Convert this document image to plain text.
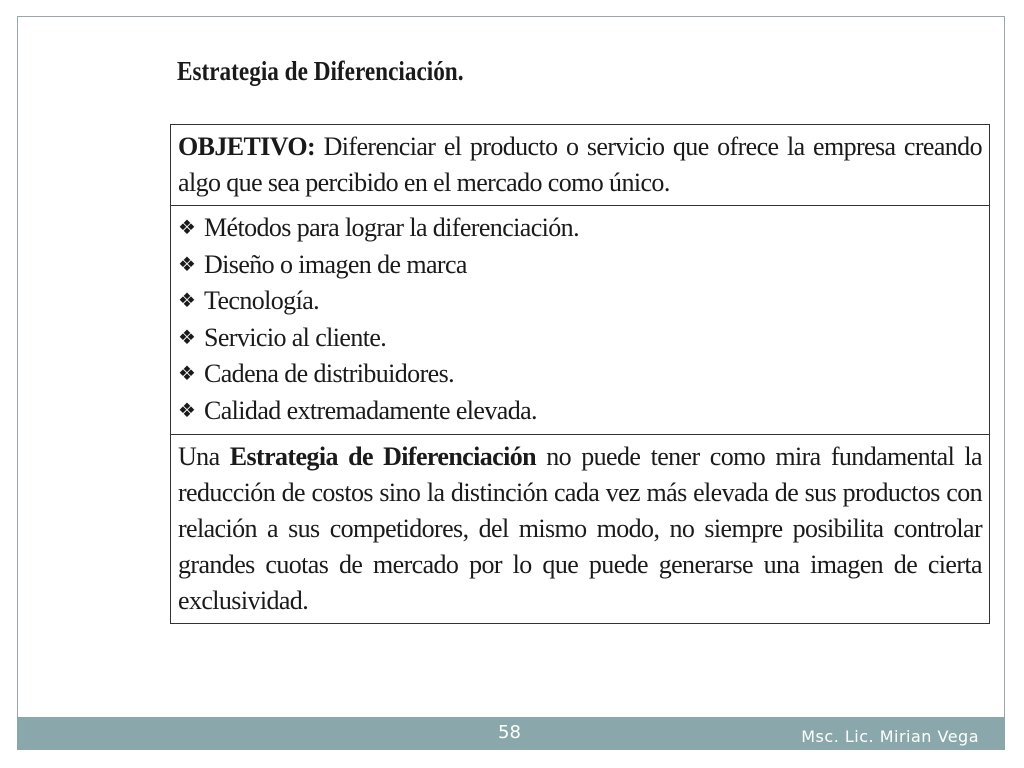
Estrategia de Diferenciación.
OBJETIVO: Diferenciar el producto o servicio que ofrece la empresa creando algo que sea percibido en el mercado como único.

❖ Métodos para lograr la diferenciación.
❖ Diseño o imagen de marca
❖ Tecnología.
❖ Servicio al cliente.
❖ Cadena de distribuidores.
❖ Calidad extremadamente elevada.

Una Estrategia de Diferenciación no puede tener como mira fundamental la reducción de costos sino la distinción cada vez más elevada de sus productos con relación a sus competidores, del mismo modo, no siempre posibilita controlar grandes cuotas de mercado por lo que puede generarse una imagen de cierta exclusividad.
58	Msc. Lic. Mirian Vega
